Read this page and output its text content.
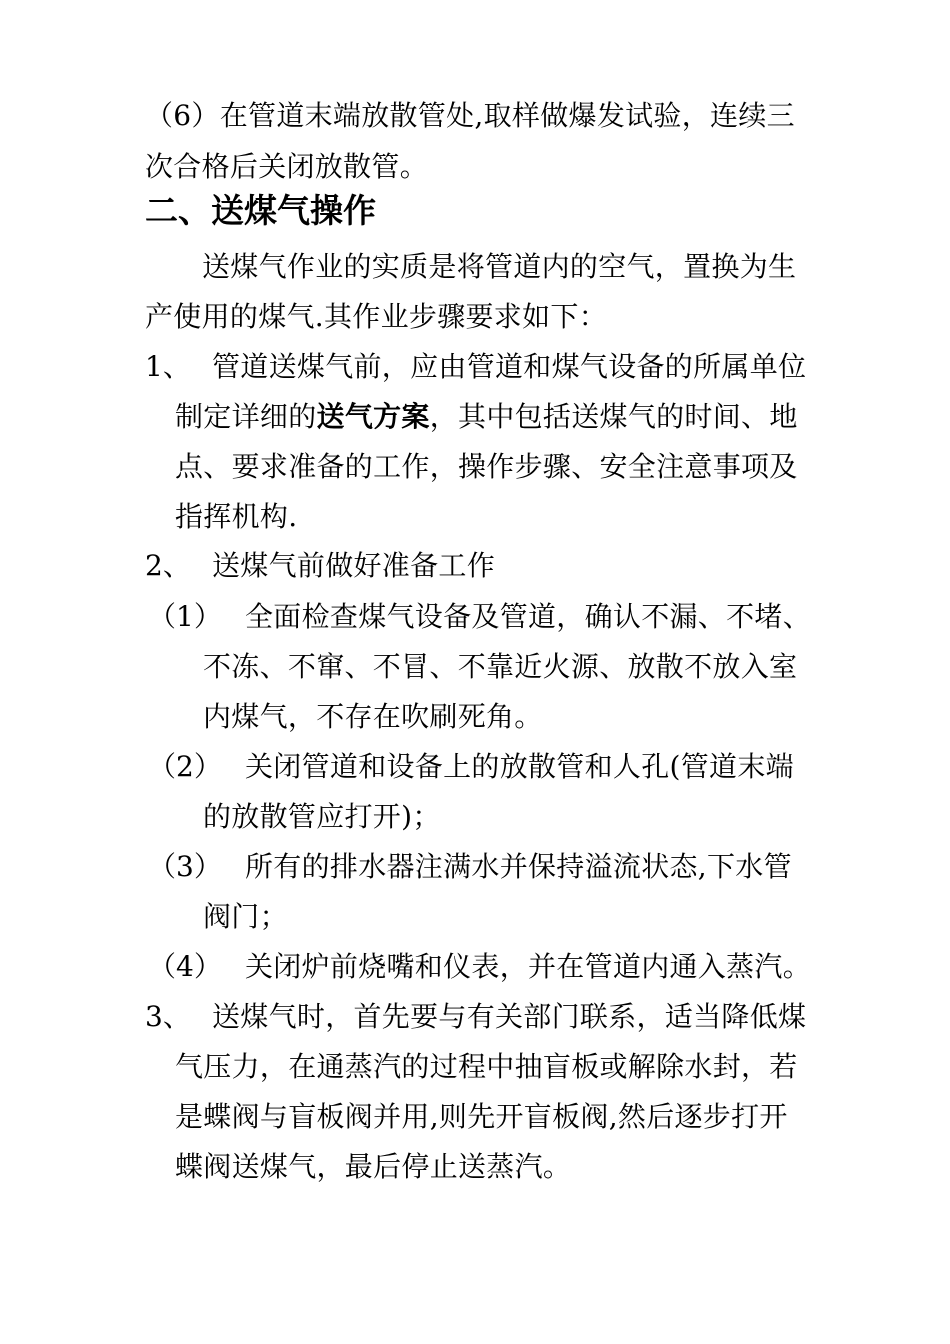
（6）在管道末端放散管处,取样做爆发试验，连续三
次合格后关闭放散管。
二、送煤气操作
送煤气作业的实质是将管道内的空气，置换为生
产使用的煤气.其作业步骤要求如下：
1、 管道送煤气前，应由管道和煤气设备的所属单位
制定详细的送气方案，其中包括送煤气的时间、地
点、要求准备的工作，操作步骤、安全注意事项及
指挥机构.
2、 送煤气前做好准备工作
（1） 全面检查煤气设备及管道，确认不漏、不堵、
不冻、不窜、不冒、不靠近火源、放散不放入室
内煤气，不存在吹刷死角。
（2） 关闭管道和设备上的放散管和人孔(管道末端
的放散管应打开)；
（3） 所有的排水器注满水并保持溢流状态,下水管
阀门；
（4） 关闭炉前烧嘴和仪表，并在管道内通入蒸汽。
3、 送煤气时，首先要与有关部门联系，适当降低煤
气压力，在通蒸汽的过程中抽盲板或解除水封，若
是蝶阀与盲板阀并用,则先开盲板阀,然后逐步打开
蝶阀送煤气，最后停止送蒸汽。
